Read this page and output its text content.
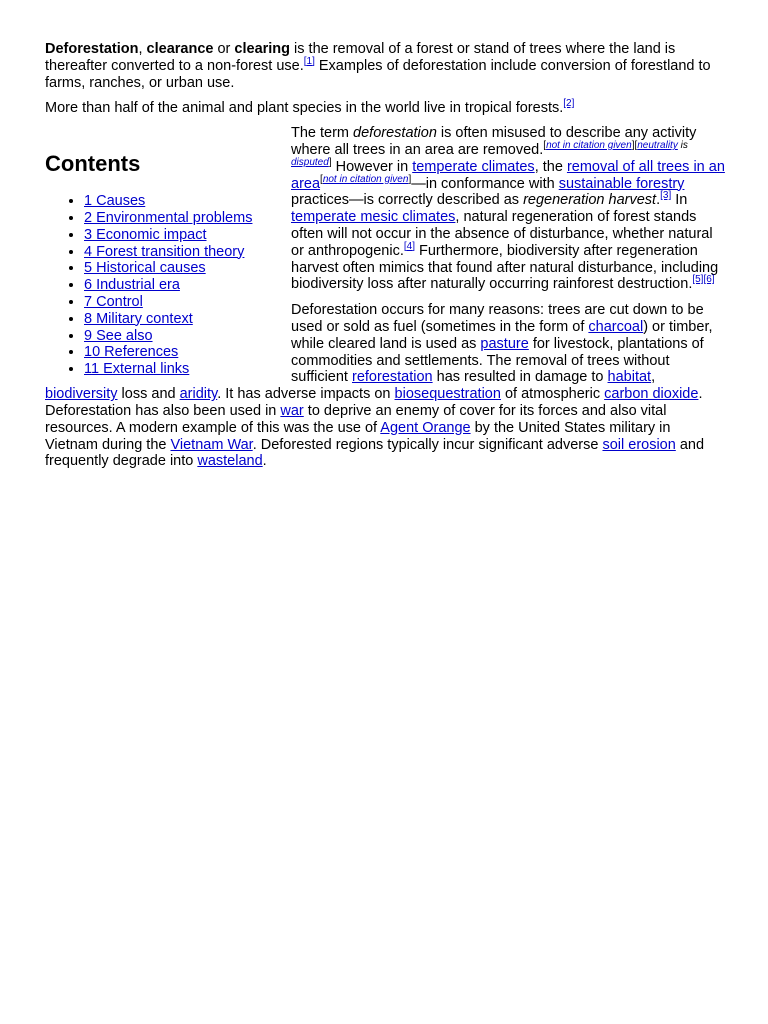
Deforestation, clearance or clearing is the removal of a forest or stand of trees where the land is thereafter converted to a non-forest use.[1] Examples of deforestation include conversion of forestland to farms, ranches, or urban use.

More than half of the animal and plant species in the world live in tropical forests.[2]

Contents
• 1 Causes
• 2 Environmental problems
• 3 Economic impact
• 4 Forest transition theory
• 5 Historical causes
• 6 Industrial era
• 7 Control
• 8 Military context
• 9 See also
• 10 References
• 11 External links

The term deforestation is often misused to describe any activity where all trees in an area are removed.[not in citation given][neutrality is disputed] However in temperate climates, the removal of all trees in an area[not in citation given]—in conformance with sustainable forestry practices—is correctly described as regeneration harvest.[3] In temperate mesic climates, natural regeneration of forest stands often will not occur in the absence of disturbance, whether natural or anthropogenic.[4] Furthermore, biodiversity after regeneration harvest often mimics that found after natural disturbance, including biodiversity loss after naturally occurring rainforest destruction.[5][6]

Deforestation occurs for many reasons: trees are cut down to be used or sold as fuel (sometimes in the form of charcoal) or timber, while cleared land is used as pasture for livestock, plantations of commodities and settlements. The removal of trees without sufficient reforestation has resulted in damage to habitat, biodiversity loss and aridity. It has adverse impacts on biosequestration of atmospheric carbon dioxide. Deforestation has also been used in war to deprive an enemy of cover for its forces and also vital resources. A modern example of this was the use of Agent Orange by the United States military in Vietnam during the Vietnam War. Deforested regions typically incur significant adverse soil erosion and frequently degrade into wasteland.
